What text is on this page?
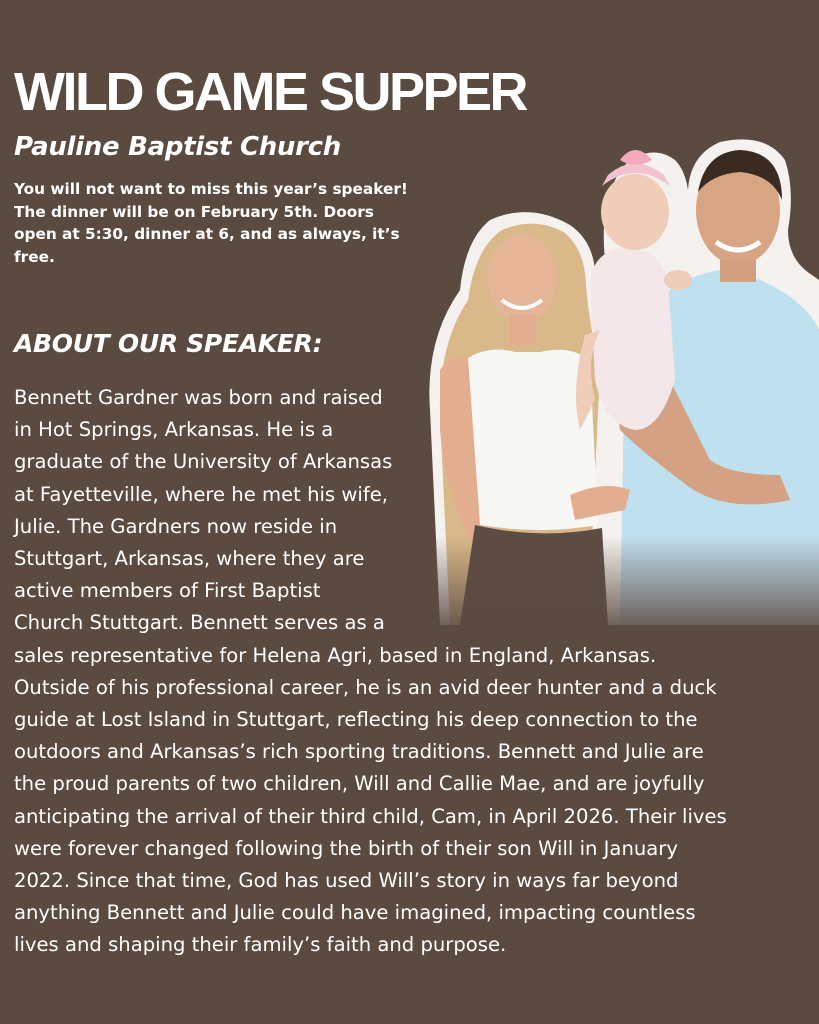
WILD GAME SUPPER
Pauline Baptist Church

You will not want to miss this year’s speaker!
The dinner will be on February 5th. Doors
open at 5:30, dinner at 6, and as always, it’s
free.

ABOUT OUR SPEAKER:

Bennett Gardner was born and raised
in Hot Springs, Arkansas. He is a
graduate of the University of Arkansas
at Fayetteville, where he met his wife,
Julie. The Gardners now reside in
Stuttgart, Arkansas, where they are
active members of First Baptist
Church Stuttgart. Bennett serves as a
sales representative for Helena Agri, based in England, Arkansas.
Outside of his professional career, he is an avid deer hunter and a duck
guide at Lost Island in Stuttgart, reflecting his deep connection to the
outdoors and Arkansas’s rich sporting traditions. Bennett and Julie are
the proud parents of two children, Will and Callie Mae, and are joyfully
anticipating the arrival of their third child, Cam, in April 2026. Their lives
were forever changed following the birth of their son Will in January
2022. Since that time, God has used Will’s story in ways far beyond
anything Bennett and Julie could have imagined, impacting countless
lives and shaping their family’s faith and purpose.
